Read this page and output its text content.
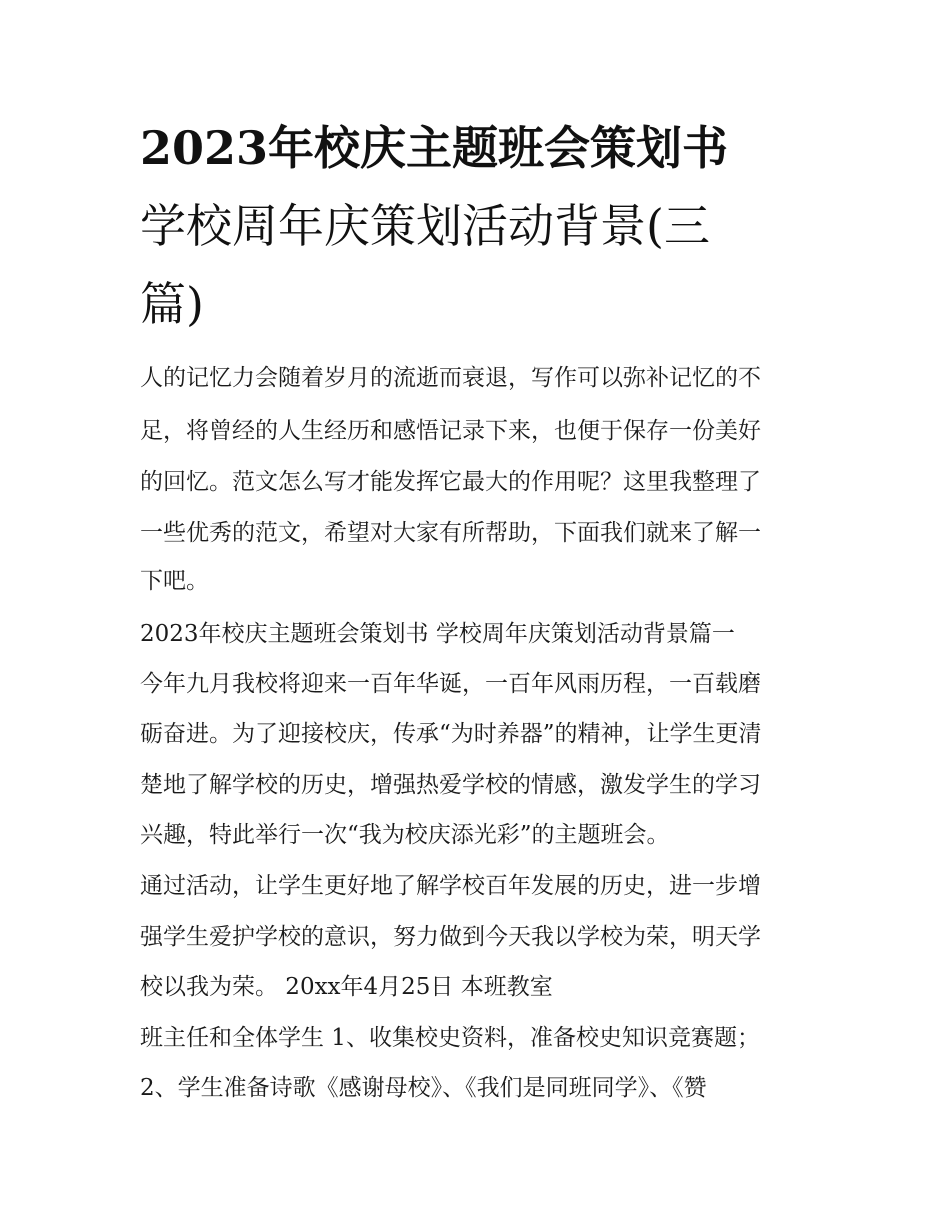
2023年校庆主题班会策划书
学校周年庆策划活动背景(三
篇)
人的记忆力会随着岁月的流逝而衰退，写作可以弥补记忆的不
足，将曾经的人生经历和感悟记录下来，也便于保存一份美好
的回忆。范文怎么写才能发挥它最大的作用呢？这里我整理了
一些优秀的范文，希望对大家有所帮助，下面我们就来了解一
下吧。
2023年校庆主题班会策划书 学校周年庆策划活动背景篇一
今年九月我校将迎来一百年华诞，一百年风雨历程，一百载磨
砺奋进。为了迎接校庆，传承“为时养器”的精神，让学生更清
楚地了解学校的历史，增强热爱学校的情感，激发学生的学习
兴趣，特此举行一次“我为校庆添光彩”的主题班会。
通过活动，让学生更好地了解学校百年发展的历史，进一步增
强学生爱护学校的意识，努力做到今天我以学校为荣，明天学
校以我为荣。 20xx年4月25日 本班教室
班主任和全体学生 1、收集校史资料，准备校史知识竞赛题；
2、学生准备诗歌《感谢母校》、《我们是同班同学》、《赞
